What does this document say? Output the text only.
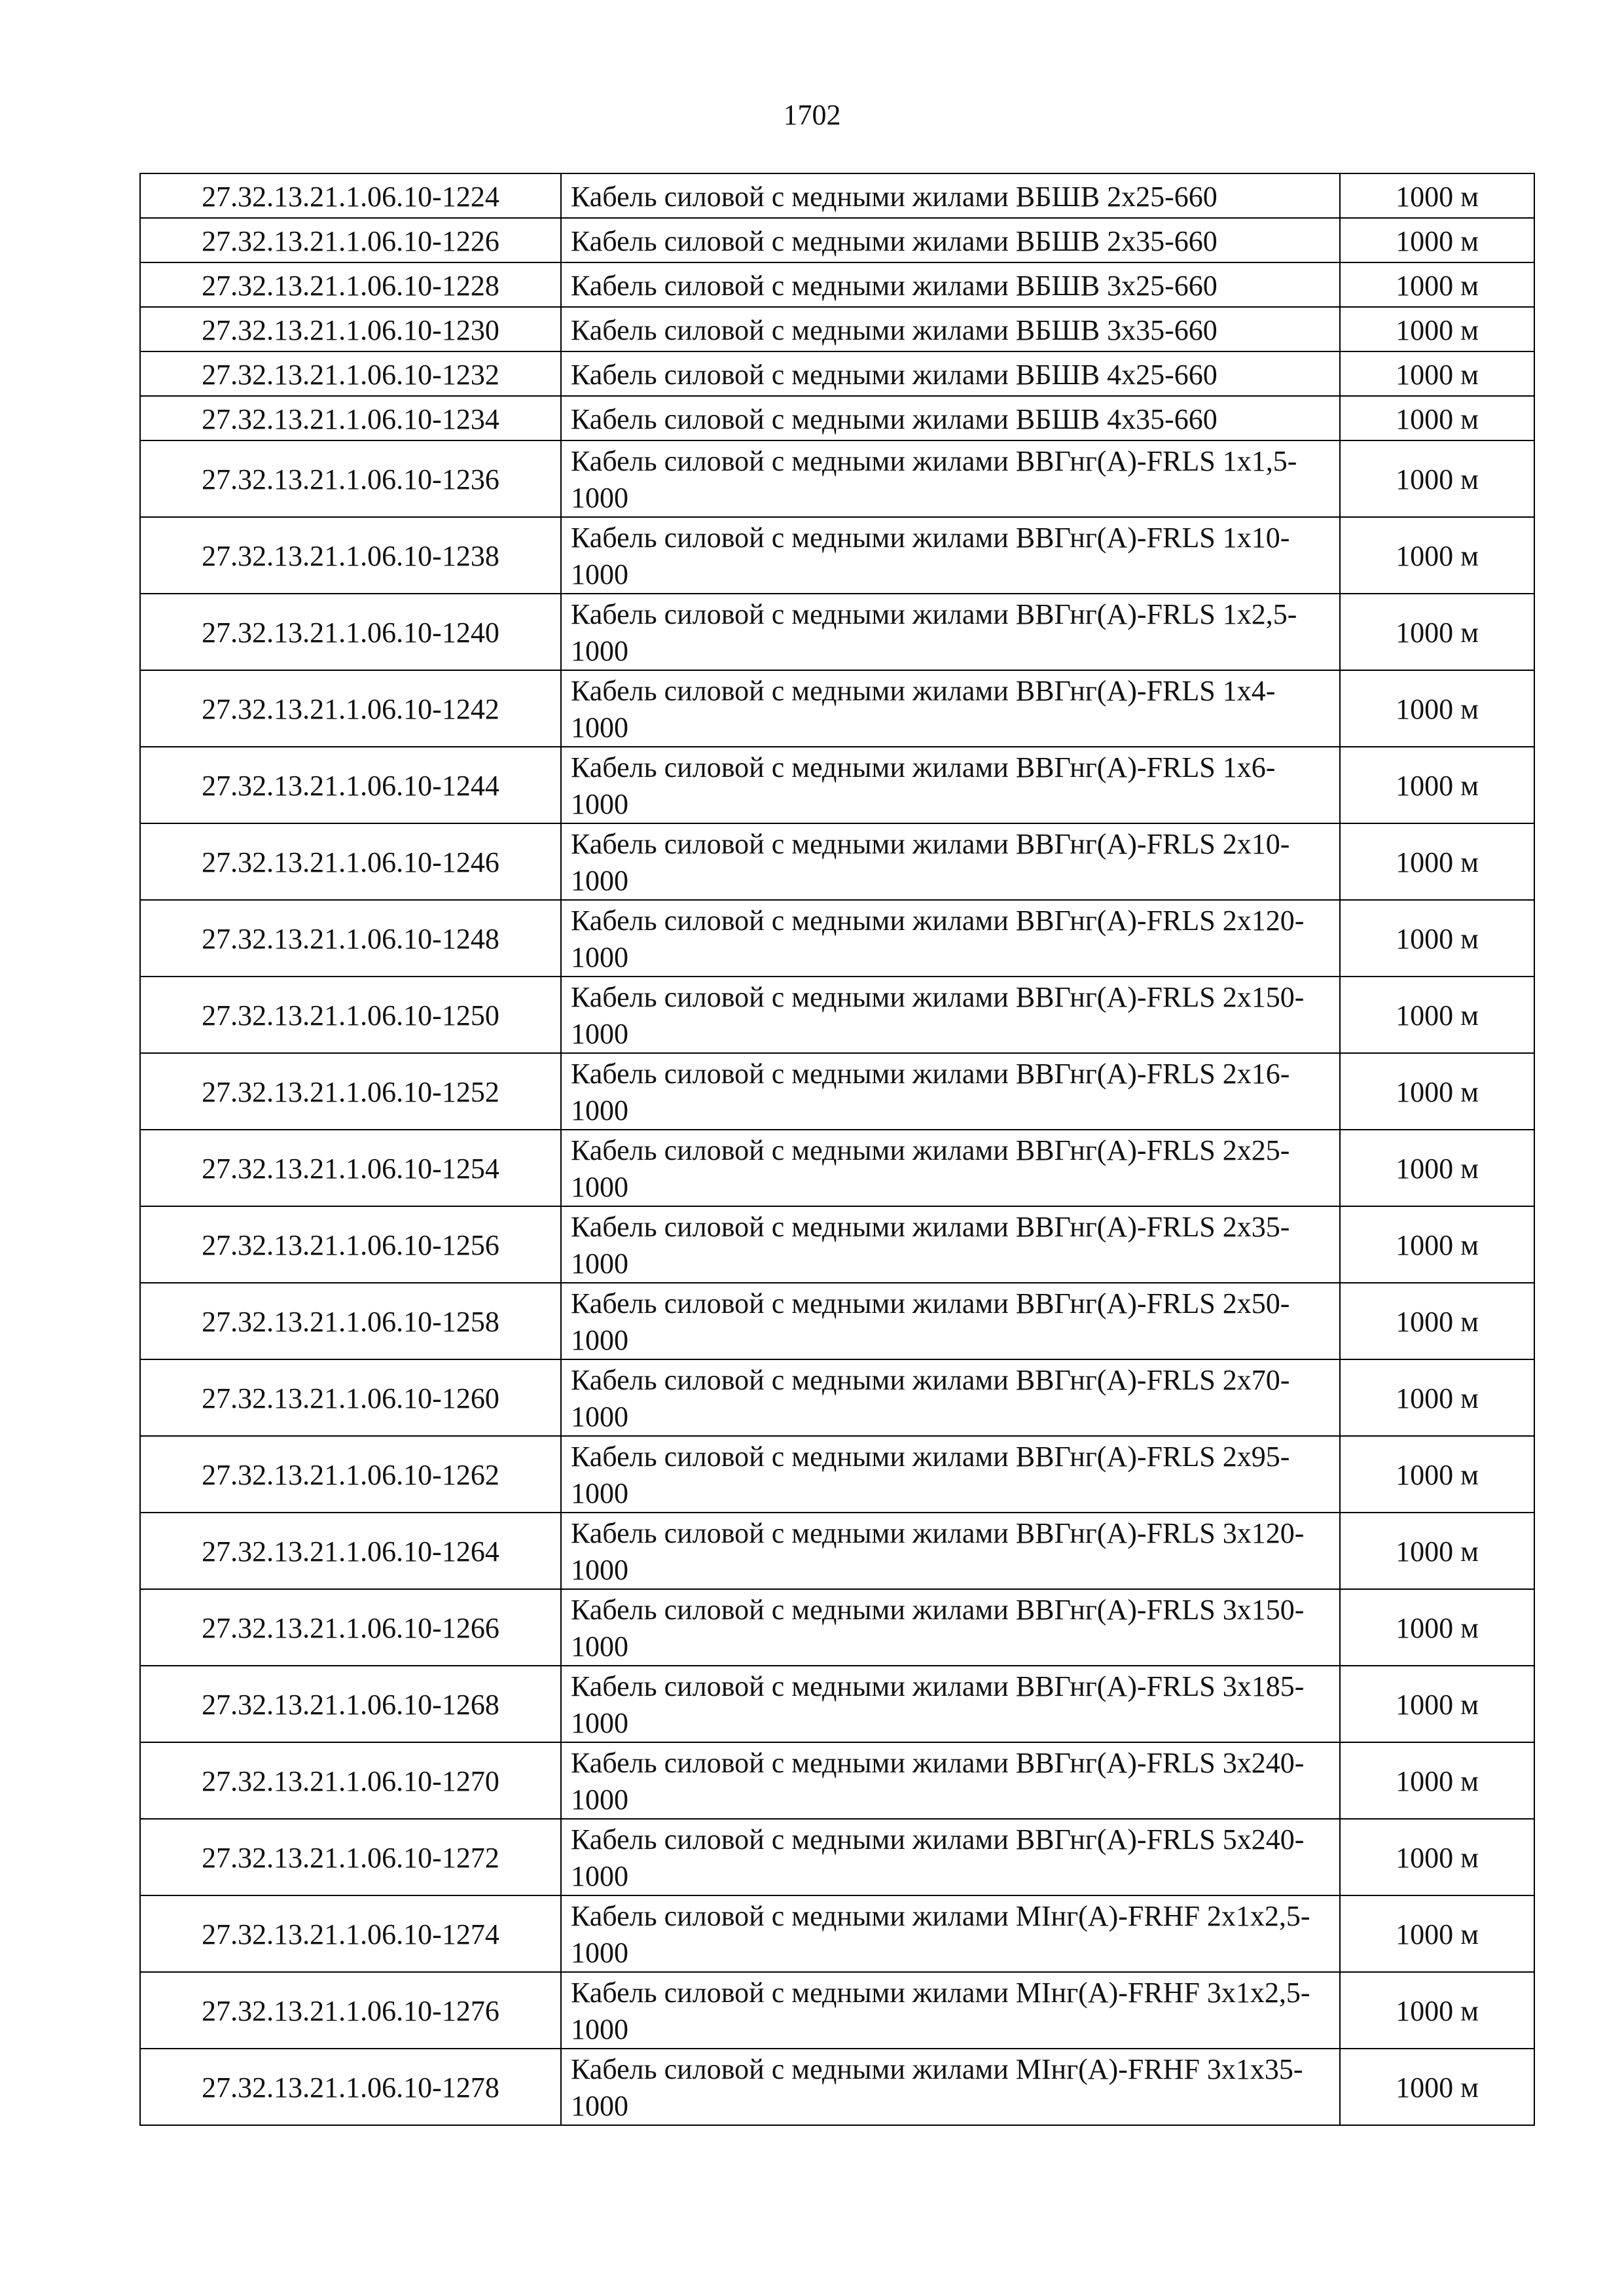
1702
27.32.13.21.1.06.10-1224	Кабель силовой с медными жилами ВБШВ 2х25-660	1000 м
27.32.13.21.1.06.10-1226	Кабель силовой с медными жилами ВБШВ 2х35-660	1000 м
27.32.13.21.1.06.10-1228	Кабель силовой с медными жилами ВБШВ 3х25-660	1000 м
27.32.13.21.1.06.10-1230	Кабель силовой с медными жилами ВБШВ 3х35-660	1000 м
27.32.13.21.1.06.10-1232	Кабель силовой с медными жилами ВБШВ 4х25-660	1000 м
27.32.13.21.1.06.10-1234	Кабель силовой с медными жилами ВБШВ 4х35-660	1000 м
27.32.13.21.1.06.10-1236	Кабель силовой с медными жилами ВВГнг(А)-FRLS 1х1,5-1000	1000 м
27.32.13.21.1.06.10-1238	Кабель силовой с медными жилами ВВГнг(А)-FRLS 1х10-1000	1000 м
27.32.13.21.1.06.10-1240	Кабель силовой с медными жилами ВВГнг(А)-FRLS 1х2,5-1000	1000 м
27.32.13.21.1.06.10-1242	Кабель силовой с медными жилами ВВГнг(А)-FRLS 1х4-1000	1000 м
27.32.13.21.1.06.10-1244	Кабель силовой с медными жилами ВВГнг(А)-FRLS 1х6-1000	1000 м
27.32.13.21.1.06.10-1246	Кабель силовой с медными жилами ВВГнг(А)-FRLS 2х10-1000	1000 м
27.32.13.21.1.06.10-1248	Кабель силовой с медными жилами ВВГнг(А)-FRLS 2х120-1000	1000 м
27.32.13.21.1.06.10-1250	Кабель силовой с медными жилами ВВГнг(А)-FRLS 2х150-1000	1000 м
27.32.13.21.1.06.10-1252	Кабель силовой с медными жилами ВВГнг(А)-FRLS 2х16-1000	1000 м
27.32.13.21.1.06.10-1254	Кабель силовой с медными жилами ВВГнг(А)-FRLS 2х25-1000	1000 м
27.32.13.21.1.06.10-1256	Кабель силовой с медными жилами ВВГнг(А)-FRLS 2х35-1000	1000 м
27.32.13.21.1.06.10-1258	Кабель силовой с медными жилами ВВГнг(А)-FRLS 2х50-1000	1000 м
27.32.13.21.1.06.10-1260	Кабель силовой с медными жилами ВВГнг(А)-FRLS 2х70-1000	1000 м
27.32.13.21.1.06.10-1262	Кабель силовой с медными жилами ВВГнг(А)-FRLS 2х95-1000	1000 м
27.32.13.21.1.06.10-1264	Кабель силовой с медными жилами ВВГнг(А)-FRLS 3х120-1000	1000 м
27.32.13.21.1.06.10-1266	Кабель силовой с медными жилами ВВГнг(А)-FRLS 3х150-1000	1000 м
27.32.13.21.1.06.10-1268	Кабель силовой с медными жилами ВВГнг(А)-FRLS 3х185-1000	1000 м
27.32.13.21.1.06.10-1270	Кабель силовой с медными жилами ВВГнг(А)-FRLS 3х240-1000	1000 м
27.32.13.21.1.06.10-1272	Кабель силовой с медными жилами ВВГнг(А)-FRLS 5х240-1000	1000 м
27.32.13.21.1.06.10-1274	Кабель силовой с медными жилами МІнг(А)-FRHF 2х1х2,5-1000	1000 м
27.32.13.21.1.06.10-1276	Кабель силовой с медными жилами МІнг(А)-FRHF 3х1х2,5-1000	1000 м
27.32.13.21.1.06.10-1278	Кабель силовой с медными жилами МІнг(А)-FRHF 3х1х35-1000	1000 м
